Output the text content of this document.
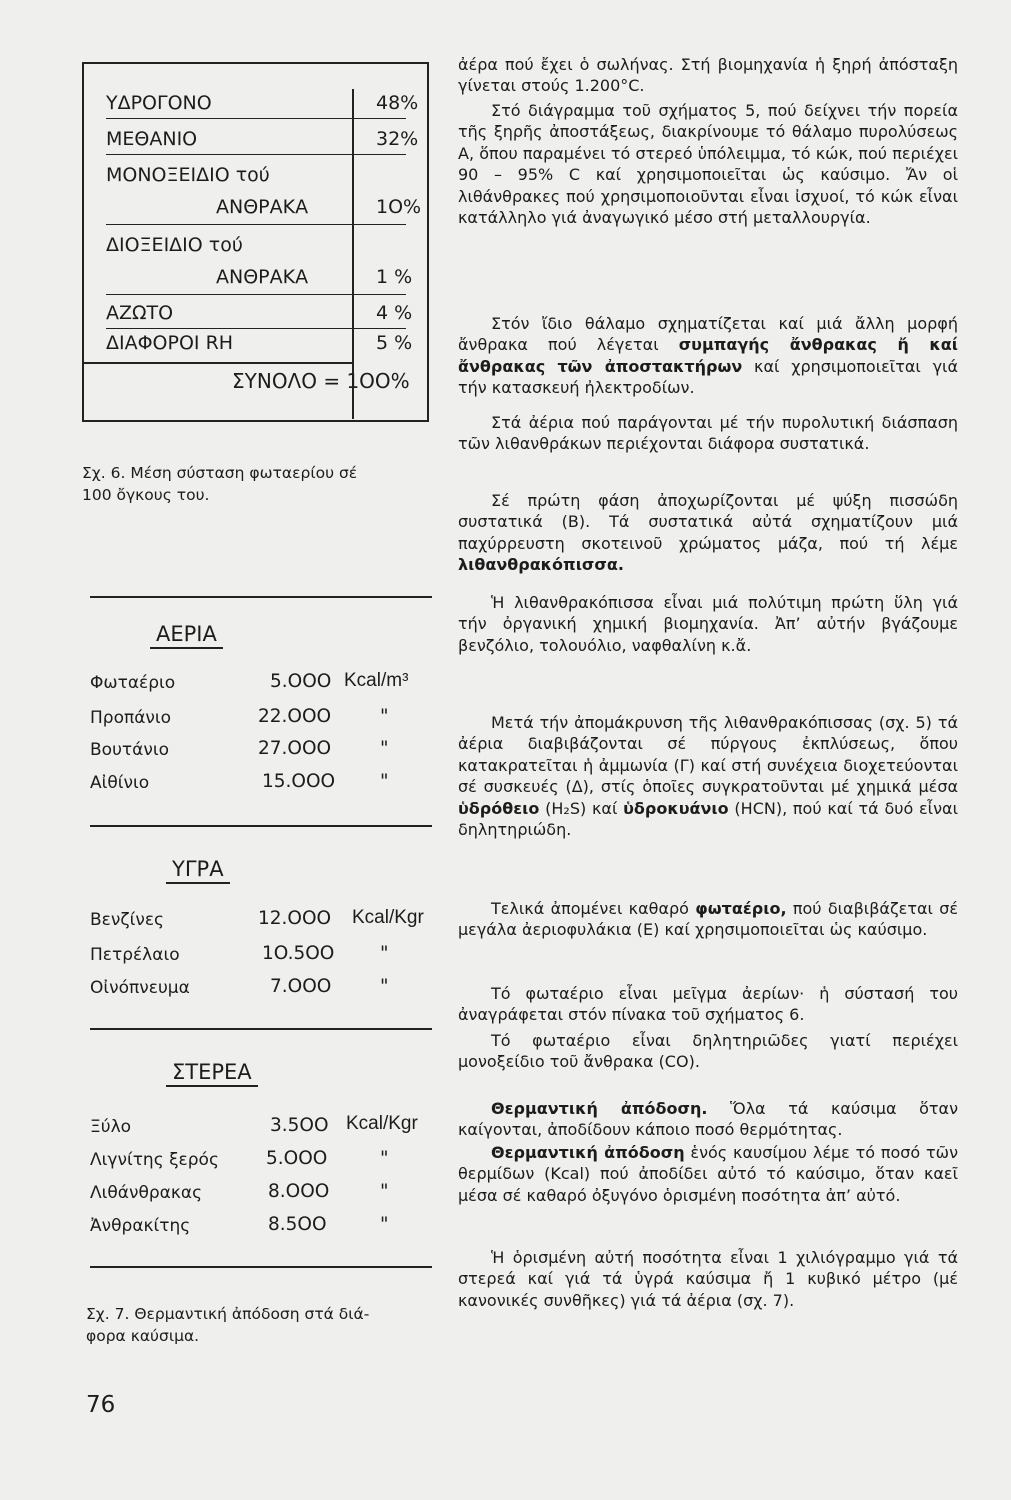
ΥΔΡΟΓΟΝΟ	48%
ΜΕΘΑΝΙΟ	32%
ΜΟΝΟΞΕΙΔΙΟ τού
ΑΝΘΡΑΚΑ	1O%
ΔΙΟΞΕΙΔΙΟ τού
ΑΝΘΡΑΚΑ	1 %
ΑΖΩΤΟ	4 %
ΔΙΑΦΟΡΟΙ RH	5 %
ΣΥΝΟΛΟ = 1OO%
Σχ. 6. Μέση σύσταση φωταερίου σέ
100 ὄγκους του.
ΑΕΡΙΑ
Φωταέριο	5.OOO Kcal/m³
Προπάνιο	22.OOO	"
Βουτάνιο	27.OOO	"
Αἰθίνιο	15.OOO "
ΥΓΡΑ
Βενζίνες	12.OOO Kcal/Kgr
Πετρέλαιο	1O.5OO "
Οἰνόπνευμα	7.OOO	"
ΣΤΕΡΕΑ
Ξύλο	3.5OO Kcal/Kgr
Λιγνίτης ξερός	5.OOO	"
Λιθάνθρακας	8.OOO	"
Ἀνθρακίτης	8.5OO	"
Σχ. 7. Θερμαντική ἀπόδοση στά διά-
φορα καύσιμα.
76
ἀέρα πού ἔχει ὁ σωλήνας. Στή βιομηχανία ἡ ξηρή ἀπόσταξη γίνεται στούς 1.200°C.
Στό διάγραμμα τοῦ σχήματος 5, πού δείχνει τήν πορεία τῆς ξηρῆς ἀποστάξεως, διακρίνουμε τό θάλαμο πυρολύσεως Α, ὅπου παραμένει τό στερεό ὑπόλειμμα, τό κώκ, πού περιέχει 90 – 95% C καί χρησιμοποιεῖται ὡς καύσιμο. Ἄν οἱ λιθάνθρακες πού χρησιμοποιοῦνται εἶναι ἰσχυοί, τό κώκ εἶναι κατάλληλο γιά ἀναγωγικό μέσο στή μεταλλουργία.
Στόν ἴδιο θάλαμο σχηματίζεται καί μιά ἄλλη μορφή ἄνθρακα πού λέγεται συμπαγής ἄνθρακας ἤ καί ἄνθρακας τῶν ἀποστακτήρων καί χρησιμοποιεῖται γιά τήν κατασκευή ἠλεκτροδίων.
Στά ἀέρια πού παράγονται μέ τήν πυρολυτική διάσπαση τῶν λιθανθράκων περιέχονται διάφορα συστατικά.
Σέ πρώτη φάση ἀποχωρίζονται μέ ψύξη πισσώδη συστατικά (Β). Τά συστατικά αὐτά σχηματίζουν μιά παχύρρευστη σκοτεινοῦ χρώματος μάζα, πού τή λέμε λιθανθρακόπισσα.
Ἡ λιθανθρακόπισσα εἶναι μιά πολύτιμη πρώτη ὕλη γιά τήν ὀργανική χημική βιομηχανία. Ἀπ’ αὐτήν βγάζουμε βενζόλιο, τολουόλιο, ναφθαλίνη κ.ἄ.
Μετά τήν ἀπομάκρυνση τῆς λιθανθρακόπισσας (σχ. 5) τά ἀέρια διαβιβάζονται σέ πύργους ἐκπλύσεως, ὅπου κατακρατεῖται ἡ ἀμμωνία (Γ) καί στή συνέχεια διοχετεύονται σέ συσκευές (Δ), στίς ὁποῖες συγκρατοῦνται μέ χημικά μέσα ὑδρόθειο (H₂S) καί ὑδροκυάνιο (HCN), πού καί τά δυό εἶναι δηλητηριώδη.
Τελικά ἀπομένει καθαρό φωταέριο, πού διαβιβάζεται σέ μεγάλα ἀεριοφυλάκια (Ε) καί χρησιμοποιεῖται ὡς καύσιμο.
Τό φωταέριο εἶναι μεῖγμα ἀερίων· ἡ σύστασή του ἀναγράφεται στόν πίνακα τοῦ σχήματος 6.
Τό φωταέριο εἶναι δηλητηριῶδες γιατί περιέχει μονοξείδιο τοῦ ἄνθρακα (CO).
Θερμαντική ἀπόδοση. Ὅλα τά καύσιμα ὅταν καίγονται, ἀποδίδουν κάποιο ποσό θερμότητας.
Θερμαντική ἀπόδοση ἑνός καυσίμου λέμε τό ποσό τῶν θερμίδων (Kcal) πού ἀποδίδει αὐτό τό καύσιμο, ὅταν καεῖ μέσα σέ καθαρό ὀξυγόνο ὁρισμένη ποσότητα ἀπ’ αὐτό.
Ἡ ὁρισμένη αὐτή ποσότητα εἶναι 1 χιλιόγραμμο γιά τά στερεά καί γιά τά ὑγρά καύσιμα ἤ 1 κυβικό μέτρο (μέ κανονικές συνθῆκες) γιά τά ἀέρια (σχ. 7).
